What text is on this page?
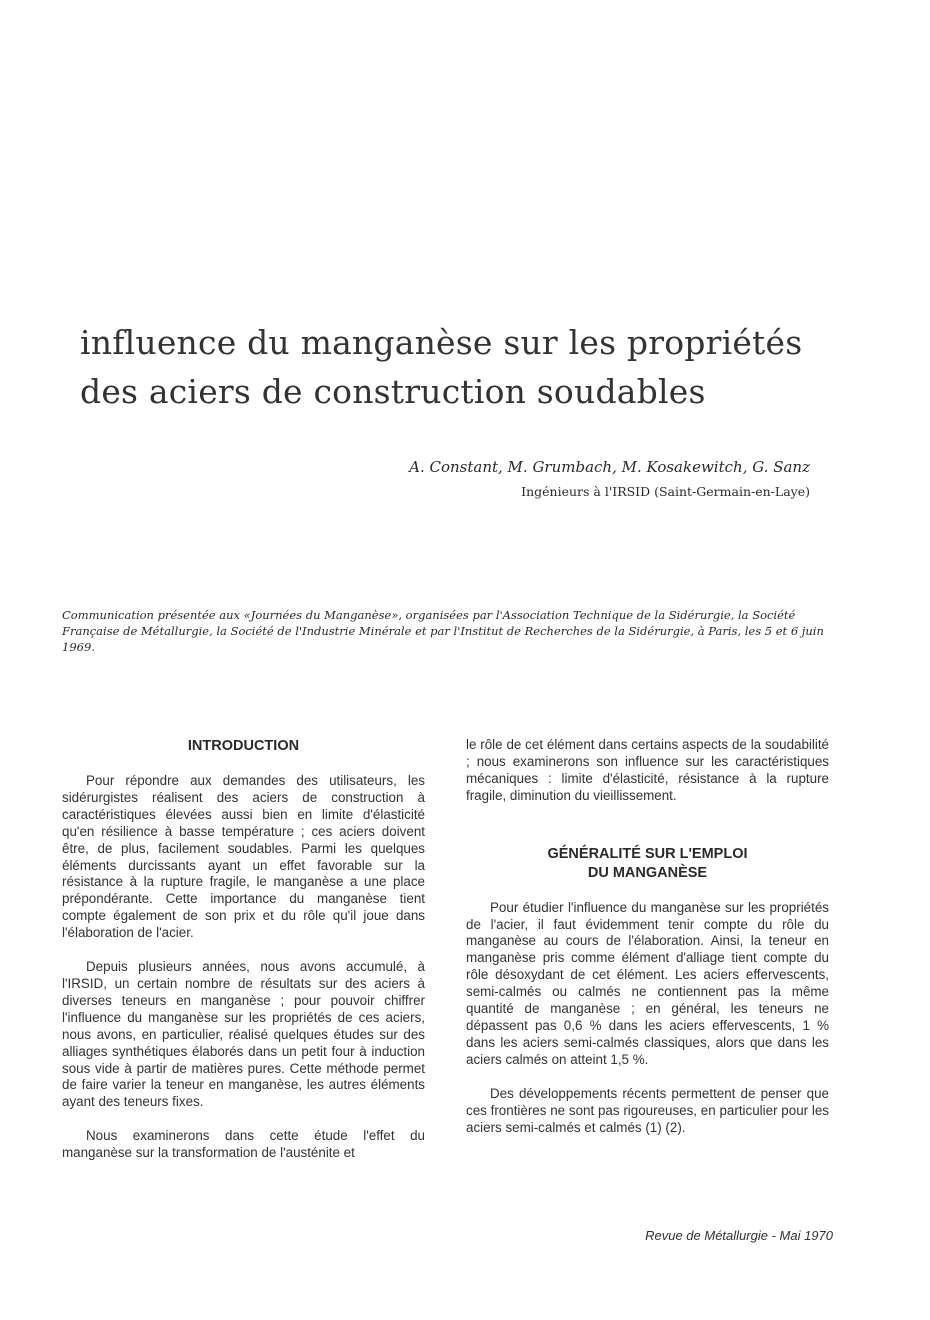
influence du manganèse sur les propriétés
des aciers de construction soudables
A. Constant, M. Grumbach, M. Kosakewitch, G. Sanz
Ingénieurs à l'IRSID (Saint-Germain-en-Laye)

Communication présentée aux «Journées du Manganèse», organisées par l'Association Technique de la Sidérurgie, la Société Française de Métallurgie, la Société de l'Industrie Minérale et par l'Institut de Recherches de la Sidérurgie, à Paris, les 5 et 6 juin 1969.

INTRODUCTION

Pour répondre aux demandes des utilisateurs, les sidérurgistes réalisent des aciers de construction à caractéristiques élevées aussi bien en limite d'élasticité qu'en résilience à basse température ; ces aciers doivent être, de plus, facilement soudables. Parmi les quelques éléments durcissants ayant un effet favorable sur la résistance à la rupture fragile, le manganèse a une place prépondérante. Cette importance du manganèse tient compte également de son prix et du rôle qu'il joue dans l'élaboration de l'acier.

Depuis plusieurs années, nous avons accumulé, à l'IRSID, un certain nombre de résultats sur des aciers à diverses teneurs en manganèse ; pour pouvoir chiffrer l'influence du manganèse sur les propriétés de ces aciers, nous avons, en particulier, réalisé quelques études sur des alliages synthétiques élaborés dans un petit four à induction sous vide à partir de matières pures. Cette méthode permet de faire varier la teneur en manganèse, les autres éléments ayant des teneurs fixes.

Nous examinerons dans cette étude l'effet du manganèse sur la transformation de l'austénite et

le rôle de cet élément dans certains aspects de la soudabilité ; nous examinerons son influence sur les caractéristiques mécaniques : limite d'élasticité, résistance à la rupture fragile, diminution du vieillissement.

GÉNÉRALITÉ SUR L'EMPLOI
DU MANGANÈSE

Pour étudier l'influence du manganèse sur les propriétés de l'acier, il faut évidemment tenir compte du rôle du manganèse au cours de l'élaboration. Ainsi, la teneur en manganèse pris comme élément d'alliage tient compte du rôle désoxydant de cet élément. Les aciers effervescents, semi-calmés ou calmés ne contiennent pas la même quantité de manganèse ; en général, les teneurs ne dépassent pas 0,6 % dans les aciers effervescents, 1 % dans les aciers semi-calmés classiques, alors que dans les aciers calmés on atteint 1,5 %.

Des développements récents permettent de penser que ces frontières ne sont pas rigoureuses, en particulier pour les aciers semi-calmés et calmés (1) (2).

Revue de Métallurgie - Mai 1970
